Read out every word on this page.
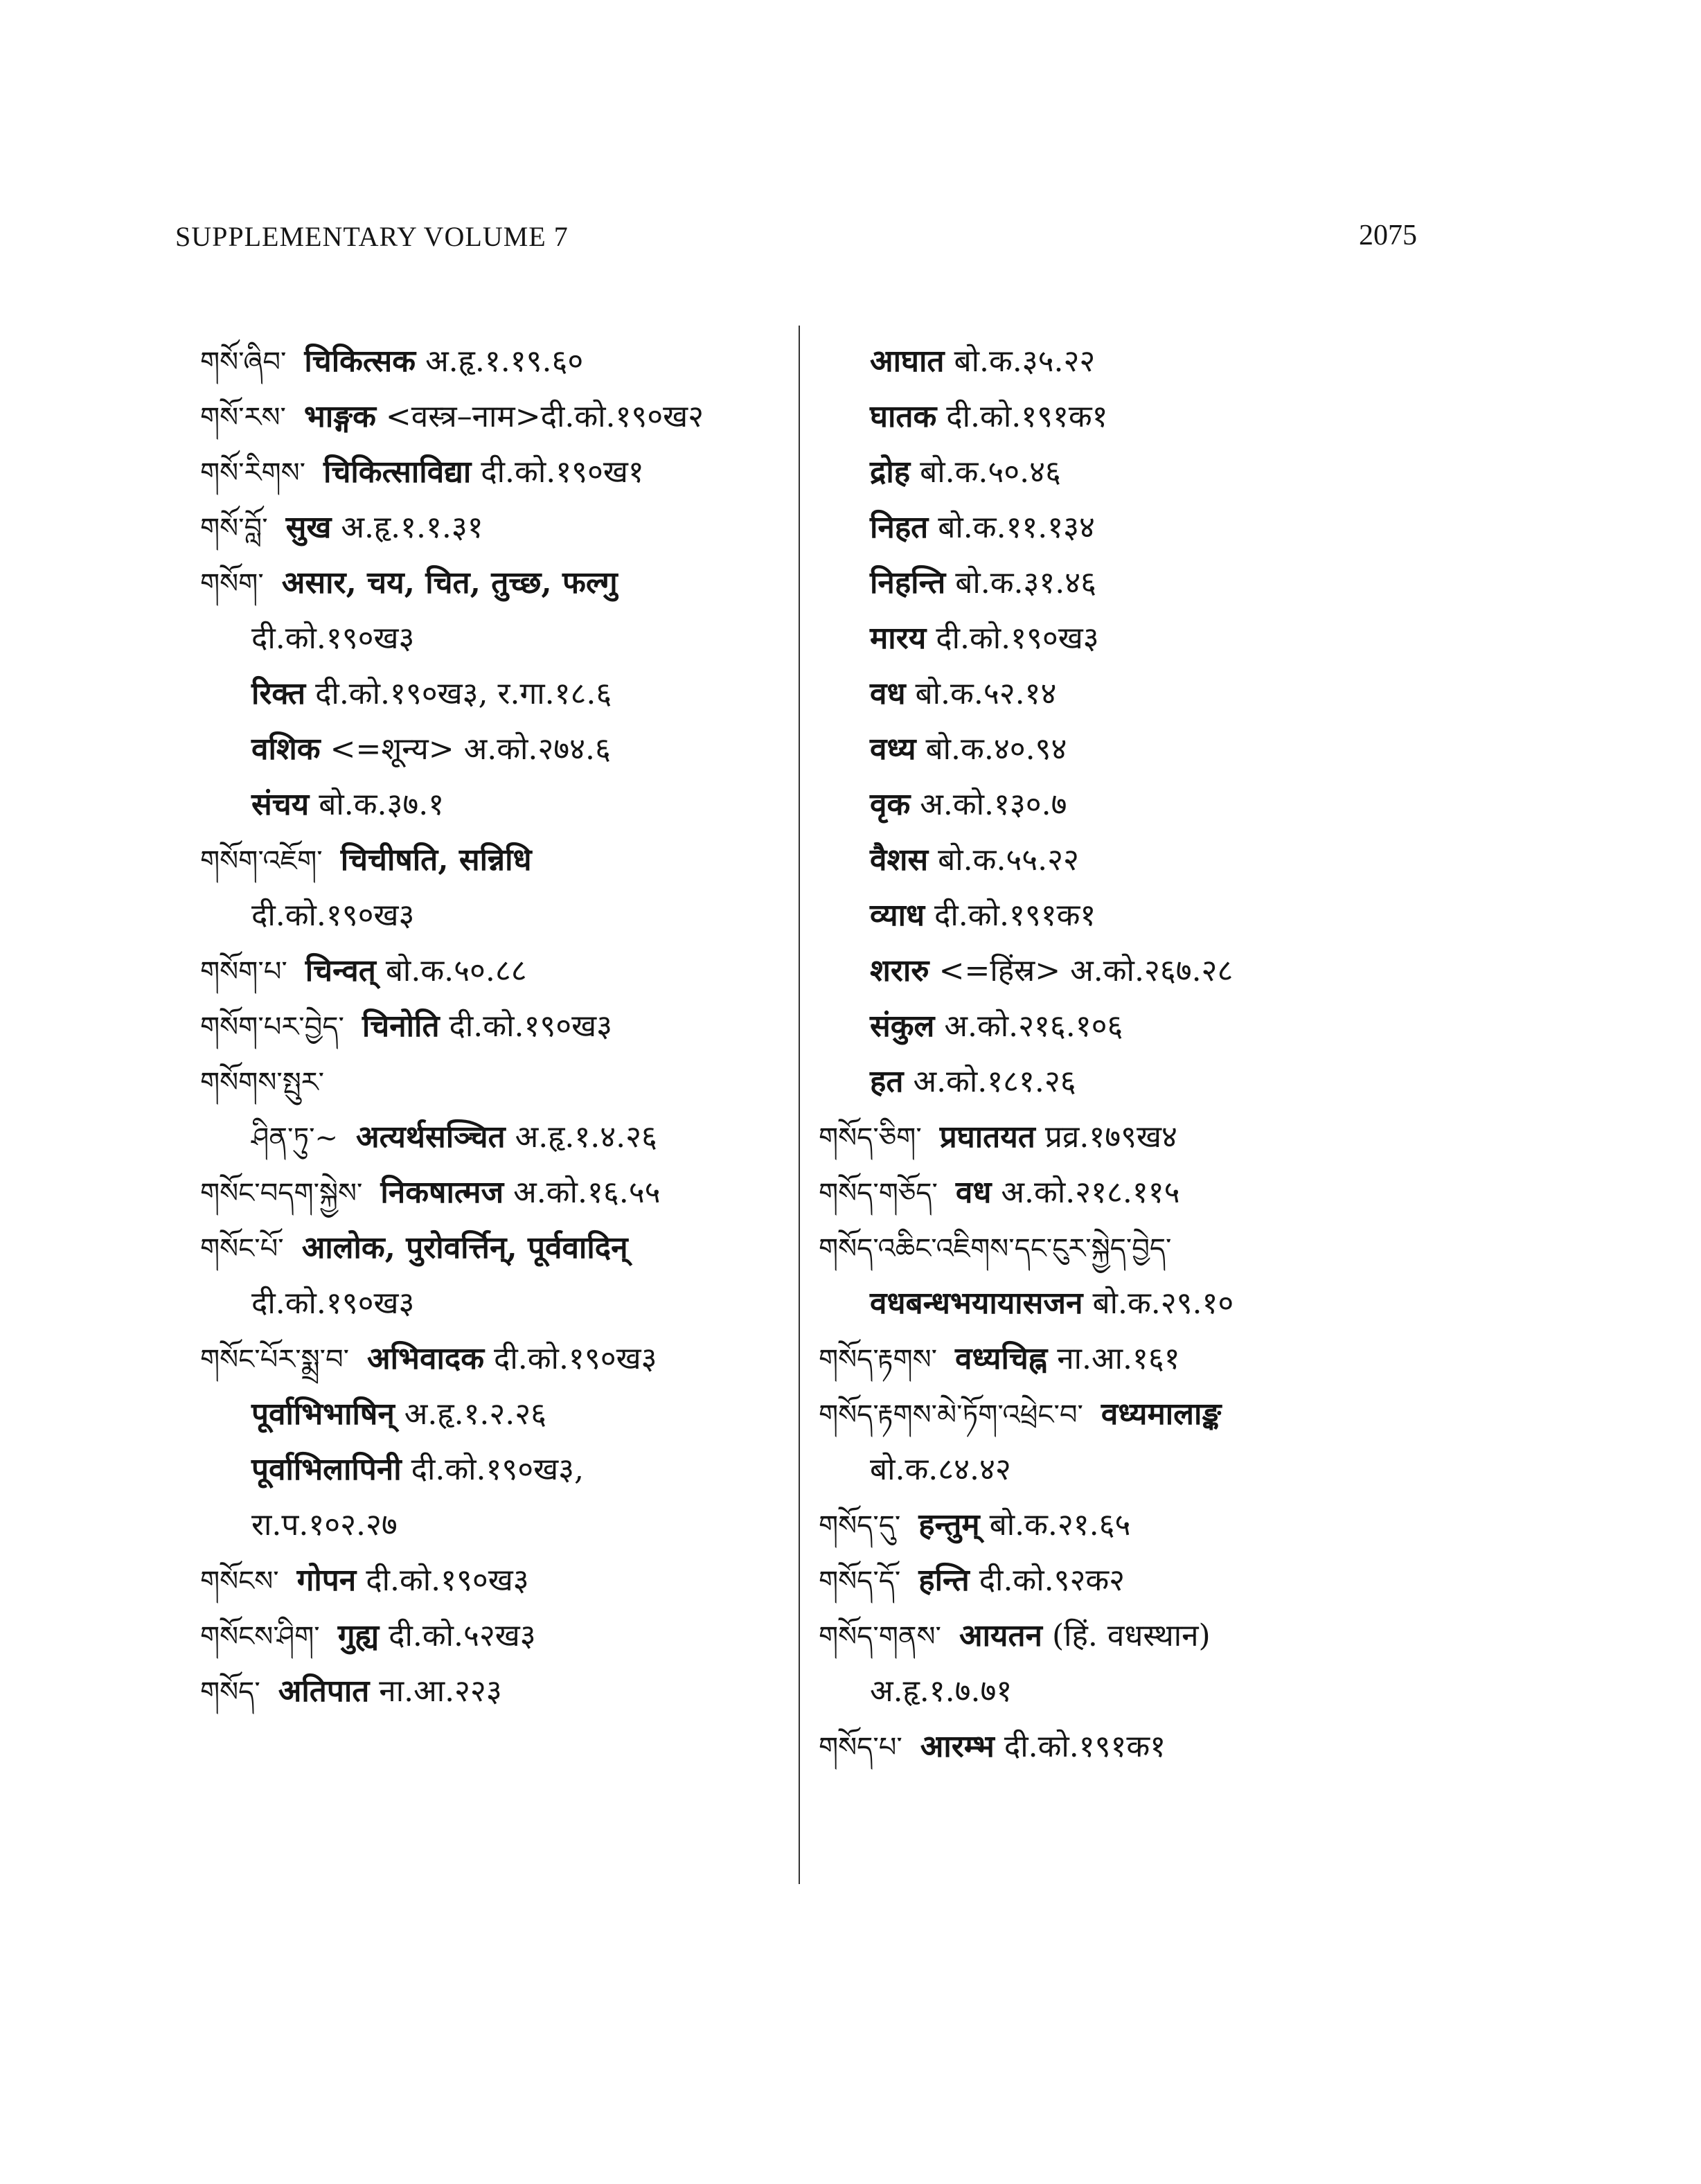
SUPPLEMENTARY VOLUME 7	2075
གསོ་ཞིབ་ चिकित्सक अ.हृ.१.१९.६०
གསོ་རས་ भाङ्गक <वस्त्र–नाम>दी.को.१९०ख२
གསོ་རིགས་ चिकित्साविद्या दी.को.१९०ख१
གསོ་བློ་ सुख अ.हृ.१.१.३१
གསོག་ असार, चय, चित, तुच्छ, फल्गु
दी.को.१९०ख३
रिक्त दी.को.१९०ख३, र.गा.१८.६
वशिक <=शून्य> अ.को.२७४.६
संचय बो.क.३७.१
གསོག་འཇོག་ चिचीषति, सन्निधि
दी.को.१९०ख३
གསོག་པ་ चिन्वत् बो.क.५०.८८
གསོག་པར་བྱེད་ चिनोति दी.को.१९०ख३
གསོགས་སྤུར་
ཤིན་ཏུ་~ अत्यर्थसञ्चित अ.हृ.१.४.२६
གསོང་བདག་སྐྱེས་ निकषात्मज अ.को.१६.५५
གསོང་པོ་ आलोक, पुरोवर्त्तिन्, पूर्ववादिन्
दी.को.१९०ख३
གསོང་པོར་སྨྲ་བ་ अभिवादक दी.को.१९०ख३
पूर्वाभिभाषिन् अ.हृ.१.२.२६
पूर्वाभिलापिनी दी.को.१९०ख३,
रा.प.१०२.२७
གསོངས་ गोपन दी.को.१९०ख३
གསོངས་ཤིག་ गुह्य दी.को.५२ख३
གསོད་ अतिपात ना.आ.२२३
आघात बो.क.३५.२२
घातक दी.को.१९१क१
द्रोह बो.क.५०.४६
निहत बो.क.११.१३४
निहन्ति बो.क.३१.४६
मारय दी.को.१९०ख३
वध बो.क.५२.१४
वध्य बो.क.४०.९४
वृक अ.को.१३०.७
वैशस बो.क.५५.२२
व्याध दी.को.१९१क१
शरारु <=हिंस्र> अ.को.२६७.२८
संकुल अ.को.२१६.१०६
हत अ.को.१८१.२६
གསོད་ཅིག་ प्रघातयत प्रव्र.१७९ख४
གསོད་གཅོད་ वध अ.को.२१८.११५
གསོད་འཆིང་འཇིགས་དང་ངུར་སྐྱེད་བྱེད་
वधबन्धभयायासजन बो.क.२९.१०
གསོད་རྟགས་ वध्यचिह्न ना.आ.१६१
གསོད་རྟགས་མེ་ཏོག་འཕྲེང་བ་ वध्यमालाङ्क
बो.क.८४.४२
གསོད་དུ་ हन्तुम् बो.क.२१.६५
གསོད་དོ་ हन्ति दी.को.९२क२
གསོད་གནས་ आयतन (हिं. वधस्थान)
अ.हृ.१.७.७१
གསོད་པ་ आरम्भ दी.को.१९१क१
